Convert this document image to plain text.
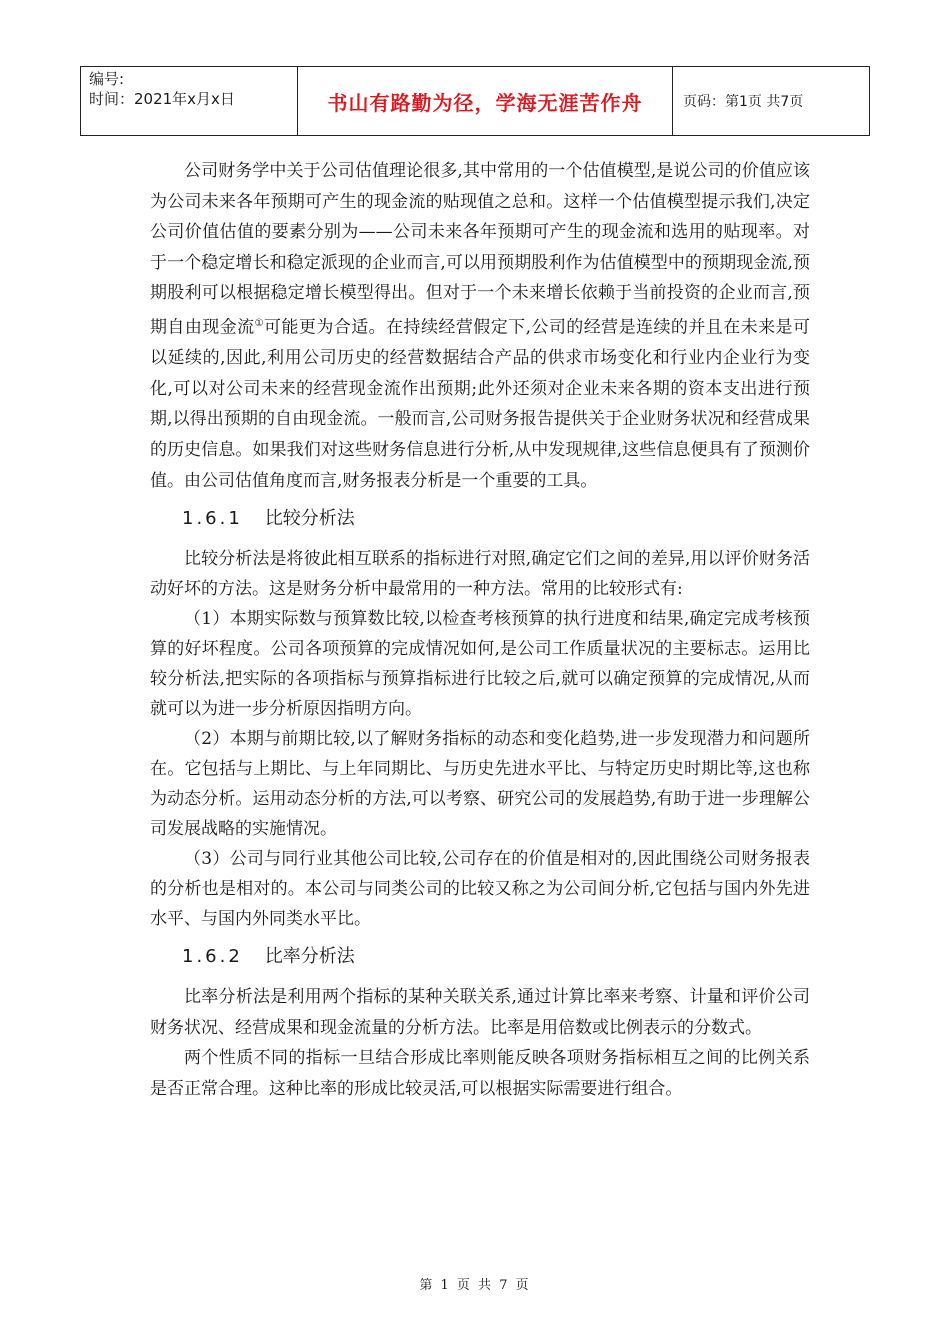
编号:
时间：2021年x月x日	书山有路勤为径，学海无涯苦作舟	页码：第1页 共7页

公司财务学中关于公司估值理论很多,其中常用的一个估值模型,是说公司的价值应该为公司未来各年预期可产生的现金流的贴现值之总和。这样一个估值模型提示我们,决定公司价值估值的要素分别为——公司未来各年预期可产生的现金流和选用的贴现率。对于一个稳定增长和稳定派现的企业而言,可以用预期股利作为估值模型中的预期现金流,预期股利可以根据稳定增长模型得出。但对于一个未来增长依赖于当前投资的企业而言,预期自由现金流①可能更为合适。在持续经营假定下,公司的经营是连续的并且在未来是可以延续的,因此,利用公司历史的经营数据结合产品的供求市场变化和行业内企业行为变化,可以对公司未来的经营现金流作出预期;此外还须对企业未来各期的资本支出进行预期,以得出预期的自由现金流。一般而言,公司财务报告提供关于企业财务状况和经营成果的历史信息。如果我们对这些财务信息进行分析,从中发现规律,这些信息便具有了预测价值。由公司估值角度而言,财务报表分析是一个重要的工具。

1.6.1 比较分析法

比较分析法是将彼此相互联系的指标进行对照,确定它们之间的差异,用以评价财务活动好坏的方法。这是财务分析中最常用的一种方法。常用的比较形式有:

（1）本期实际数与预算数比较,以检查考核预算的执行进度和结果,确定完成考核预算的好坏程度。公司各项预算的完成情况如何,是公司工作质量状况的主要标志。运用比较分析法,把实际的各项指标与预算指标进行比较之后,就可以确定预算的完成情况,从而就可以为进一步分析原因指明方向。

（2）本期与前期比较,以了解财务指标的动态和变化趋势,进一步发现潜力和问题所在。它包括与上期比、与上年同期比、与历史先进水平比、与特定历史时期比等,这也称为动态分析。运用动态分析的方法,可以考察、研究公司的发展趋势,有助于进一步理解公司发展战略的实施情况。

（3）公司与同行业其他公司比较,公司存在的价值是相对的,因此围绕公司财务报表的分析也是相对的。本公司与同类公司的比较又称之为公司间分析,它包括与国内外先进水平、与国内外同类水平比。

1.6.2 比率分析法

比率分析法是利用两个指标的某种关联关系,通过计算比率来考察、计量和评价公司财务状况、经营成果和现金流量的分析方法。比率是用倍数或比例表示的分数式。

两个性质不同的指标一旦结合形成比率则能反映各项财务指标相互之间的比例关系是否正常合理。这种比率的形成比较灵活,可以根据实际需要进行组合。

第 1 页 共 7 页
